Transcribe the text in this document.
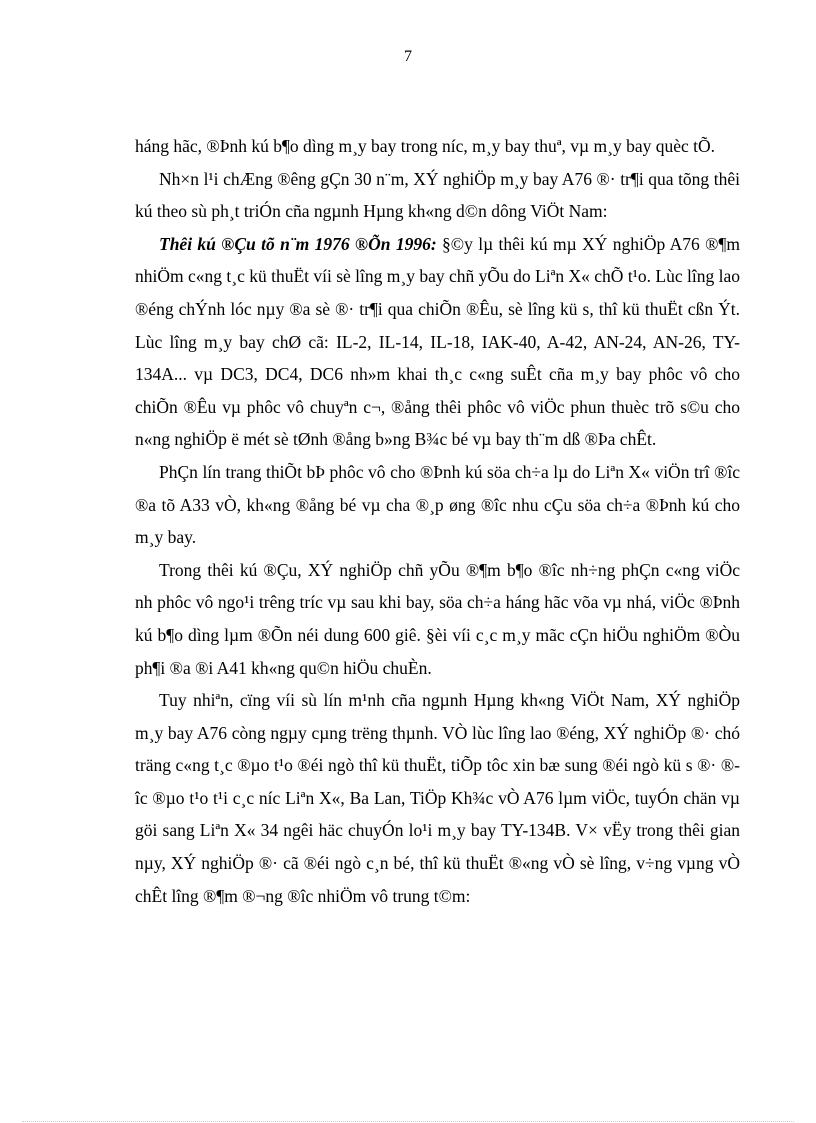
7

háng hãc, ®Þnh kú b¶o dìng m¸y bay trong níc, m¸y bay thuª, vµ m¸y bay quèc tÕ.

Nh×n l¹i chÆng ®êng gÇn 30 n¨m, XÝ nghiÖp m¸y bay A76 ®· tr¶i qua tõng thêi kú theo sù ph¸t triÓn cña ngµnh Hµng kh«ng d©n dông ViÖt Nam:

Thêi kú ®Çu tõ n¨m 1976 ®Õn 1996: §©y lµ thêi kú mµ XÝ nghiÖp A76 ®¶m nhiÖm c«ng t¸c kü thuËt víi sè lîng m¸y bay chñ yÕu do Liªn X« chÕ t¹o. Lùc lîng lao ®éng chÝnh lóc nµy ®a sè ®· tr¶i qua chiÕn ®Êu, sè lîng kü s, thî kü thuËt cßn Ýt. Lùc lîng m¸y bay chØ cã: IL-2, IL-14, IL-18, IAK-40, A-42, AN-24, AN-26, TY-134A... vµ DC3, DC4, DC6 nh»m khai th¸c c«ng suÊt cña m¸y bay phôc vô cho chiÕn ®Êu vµ phôc vô chuyªn c¬, ®ång thêi phôc vô viÖc phun thuèc trõ s©u cho n«ng nghiÖp ë mét sè tØnh ®ång b»ng B¾c bé vµ bay th¨m dß ®Þa chÊt.

PhÇn lín trang thiÕt bÞ phôc vô cho ®Þnh kú söa ch÷a lµ do Liªn X« viÖn trî ®îc ®a tõ A33 vÒ, kh«ng ®ång bé vµ cha ®¸p øng ®îc nhu cÇu söa ch÷a ®Þnh kú cho m¸y bay.

Trong thêi kú ®Çu, XÝ nghiÖp chñ yÕu ®¶m b¶o ®îc nh÷ng phÇn c«ng viÖc nh phôc vô ngo¹i trêng tríc vµ sau khi bay, söa ch÷a háng hãc võa vµ nhá, viÖc ®Þnh kú b¶o dìng lµm ®Õn néi dung 600 giê. §èi víi c¸c m¸y mãc cÇn hiÖu nghiÖm ®Òu ph¶i ®a ®i A41 kh«ng qu©n hiÖu chuÈn.

Tuy nhiªn, cïng víi sù lín m¹nh cña ngµnh Hµng kh«ng ViÖt Nam, XÝ nghiÖp m¸y bay A76 còng ngµy cµng trëng thµnh. VÒ lùc lîng lao ®éng, XÝ nghiÖp ®· chó träng c«ng t¸c ®µo t¹o ®éi ngò thî kü thuËt, tiÕp tôc xin bæ sung ®éi ngò kü s ®· ®îc ®µo t¹o t¹i c¸c níc Liªn X«, Ba Lan, TiÖp Kh¾c vÒ A76 lµm viÖc, tuyÓn chän vµ göi sang Liªn X« 34 ngêi häc chuyÓn lo¹i m¸y bay TY-134B. V× vËy trong thêi gian nµy, XÝ nghiÖp ®· cã ®éi ngò c¸n bé, thî kü thuËt ®«ng vÒ sè lîng, v÷ng vµng vÒ chÊt lîng ®¶m ®¬ng ®îc nhiÖm vô trung t©m:
